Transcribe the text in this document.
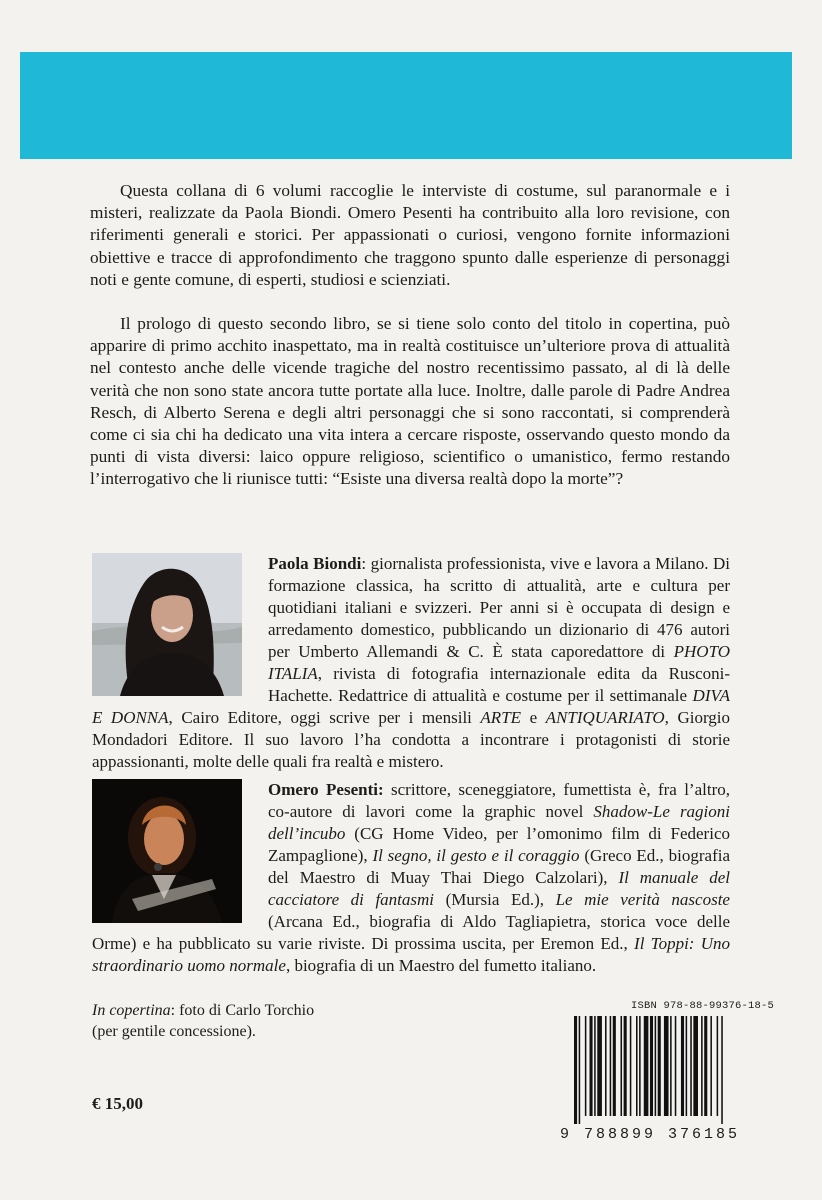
Questa collana di 6 volumi raccoglie le interviste di costume, sul paranormale e i misteri, realizzate da Paola Biondi. Omero Pesenti ha contribuito alla loro revisione, con riferimenti generali e storici. Per appassionati o curiosi, vengono fornite informazioni obiettive e tracce di approfondimento che traggono spunto dalle esperienze di personaggi noti e gente comune, di esperti, studiosi e scienziati.

Il prologo di questo secondo libro, se si tiene solo conto del titolo in copertina, può apparire di primo acchito inaspettato, ma in realtà costituisce un’ulteriore prova di attualità nel contesto anche delle vicende tragiche del nostro recentissimo passato, al di là delle verità che non sono state ancora tutte portate alla luce. Inoltre, dalle parole di Padre Andrea Resch, di Alberto Serena e degli altri personaggi che si sono raccontati, si comprenderà come ci sia chi ha dedicato una vita intera a cercare risposte, osservando questo mondo da punti di vista diversi: laico oppure religioso, scientifico o umanistico, fermo restando l’interrogativo che li riunisce tutti: “Esiste una diversa realtà dopo la morte”?

Paola Biondi: giornalista professionista, vive e lavora a Milano. Di formazione classica, ha scritto di attualità, arte e cultura per quotidiani italiani e svizzeri. Per anni si è occupata di design e arredamento domestico, pubblicando un dizionario di 476 autori per Umberto Allemandi & C. È stata caporedattore di PHOTO ITALIA, rivista di fotografia internazionale edita da Rusconi-Hachette. Redattrice di attualità e costume per il settimanale DIVA E DONNA, Cairo Editore, oggi scrive per i mensili ARTE e ANTIQUARIATO, Giorgio Mondadori Editore. Il suo lavoro l’ha condotta a incontrare i protagonisti di storie appassionanti, molte delle quali fra realtà e mistero.

Omero Pesenti: scrittore, sceneggiatore, fumettista è, fra l’altro, co-autore di lavori come la graphic novel Shadow-Le ragioni dell’incubo (CG Home Video, per l’omonimo film di Federico Zampaglione), Il segno, il gesto e il coraggio (Greco Ed., biografia del Maestro di Muay Thai Diego Calzolari), Il manuale del cacciatore di fantasmi (Mursia Ed.), Le mie verità nascoste (Arcana Ed., biografia di Aldo Tagliapietra, storica voce delle Orme) e ha pubblicato su varie riviste. Di prossima uscita, per Eremon Ed., Il Toppi: Uno straordinario uomo normale, biografia di un Maestro del fumetto italiano.

In copertina: foto di Carlo Torchio
(per gentile concessione).
€ 15,00
ISBN 978-88-99376-18-5
9 788899 376185
